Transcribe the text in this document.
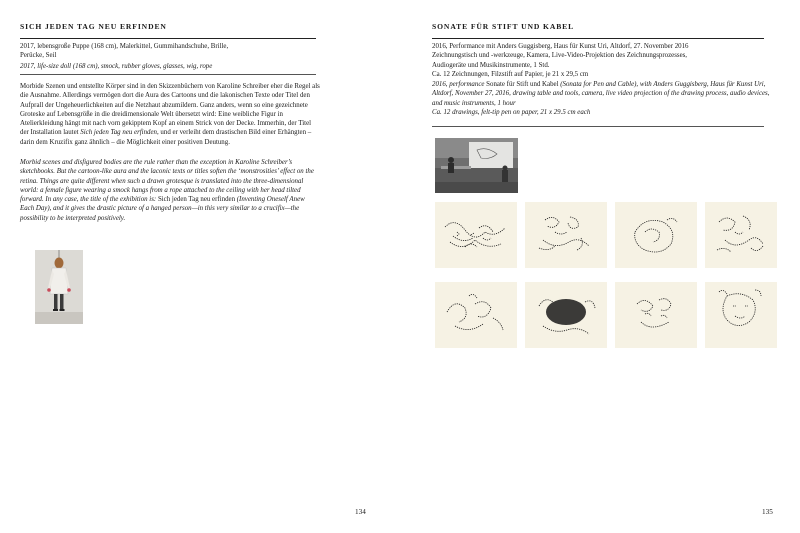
SICH JEDEN TAG NEU ERFINDEN

2017, lebensgroße Puppe (168 cm), Malerkittel, Gummihandschuhe, Brille,

Perücke, Seil

2017, life-size doll (168 cm), smock, rubber gloves, glasses, wig, rope
Morbide Szenen und entstellte Körper sind in den Skizzenbüchern von Karoline Schreiber eher die Regel als die Ausnahme. Allerdings vermögen dort die Aura des Cartoons und die lakonischen Texte oder Titel den Aufprall der Ungeheuerlichkeiten auf die Netzhaut abzumildern. Ganz anders, wenn so eine gezeichnete Groteske auf Lebensgröße in die dreidimensionale Welt übersetzt wird: Eine weibliche Figur in Atelierkleidung hängt mit nach vorn gekipptem Kopf an einem Strick von der Decke. Immerhin, der Titel der Installation lautet Sich jeden Tag neu erfinden, und er verleiht dem drastischen Bild einer Erhängten – darin dem Kruzifix ganz ähnlich – die Möglichkeit einer positiven Deutung.
Morbid scenes and disfigured bodies are the rule rather than the exception in Karoline Schreiber’s sketchbooks. But the cartoon-like aura and the laconic texts or titles soften the ‘monstrosities’ effect on the retina. Things are quite different when such a drawn grotesque is translated into the three-dimensional world: a female figure wearing a smock hangs from a rope attached to the ceiling with her head tilted forward. In any case, the title of the exhibition is: Sich jeden Tag neu erfinden (Inventing Oneself Anew Each Day), and it gives the drastic picture of a hanged person—in this very similar to a crucifix—the possibility to be interpreted positively.
134
SONATE FÜR STIFT UND KABEL

2016, Performance mit Anders Guggisberg, Haus für Kunst Uri, Altdorf, 27. November 2016

Zeichnungstisch und -werkzeuge, Kamera, Live-Video-Projektion des Zeichnungsprozesses,

Audiogeräte und Musikinstrumente, 1 Std.

Ca. 12 Zeichnungen, Filzstift auf Papier, je 21 x 29,5 cm

2016, performance Sonate für Stift und Kabel (Sonata for Pen and Cable), with Anders Guggisberg, Haus für Kunst Uri, Altdorf, November 27, 2016, drawing table and tools, camera, live video projection of the drawing process, audio devices, and music instruments, 1 hour

Ca. 12 drawings, felt-tip pen on paper, 21 x 29.5 cm each

135
